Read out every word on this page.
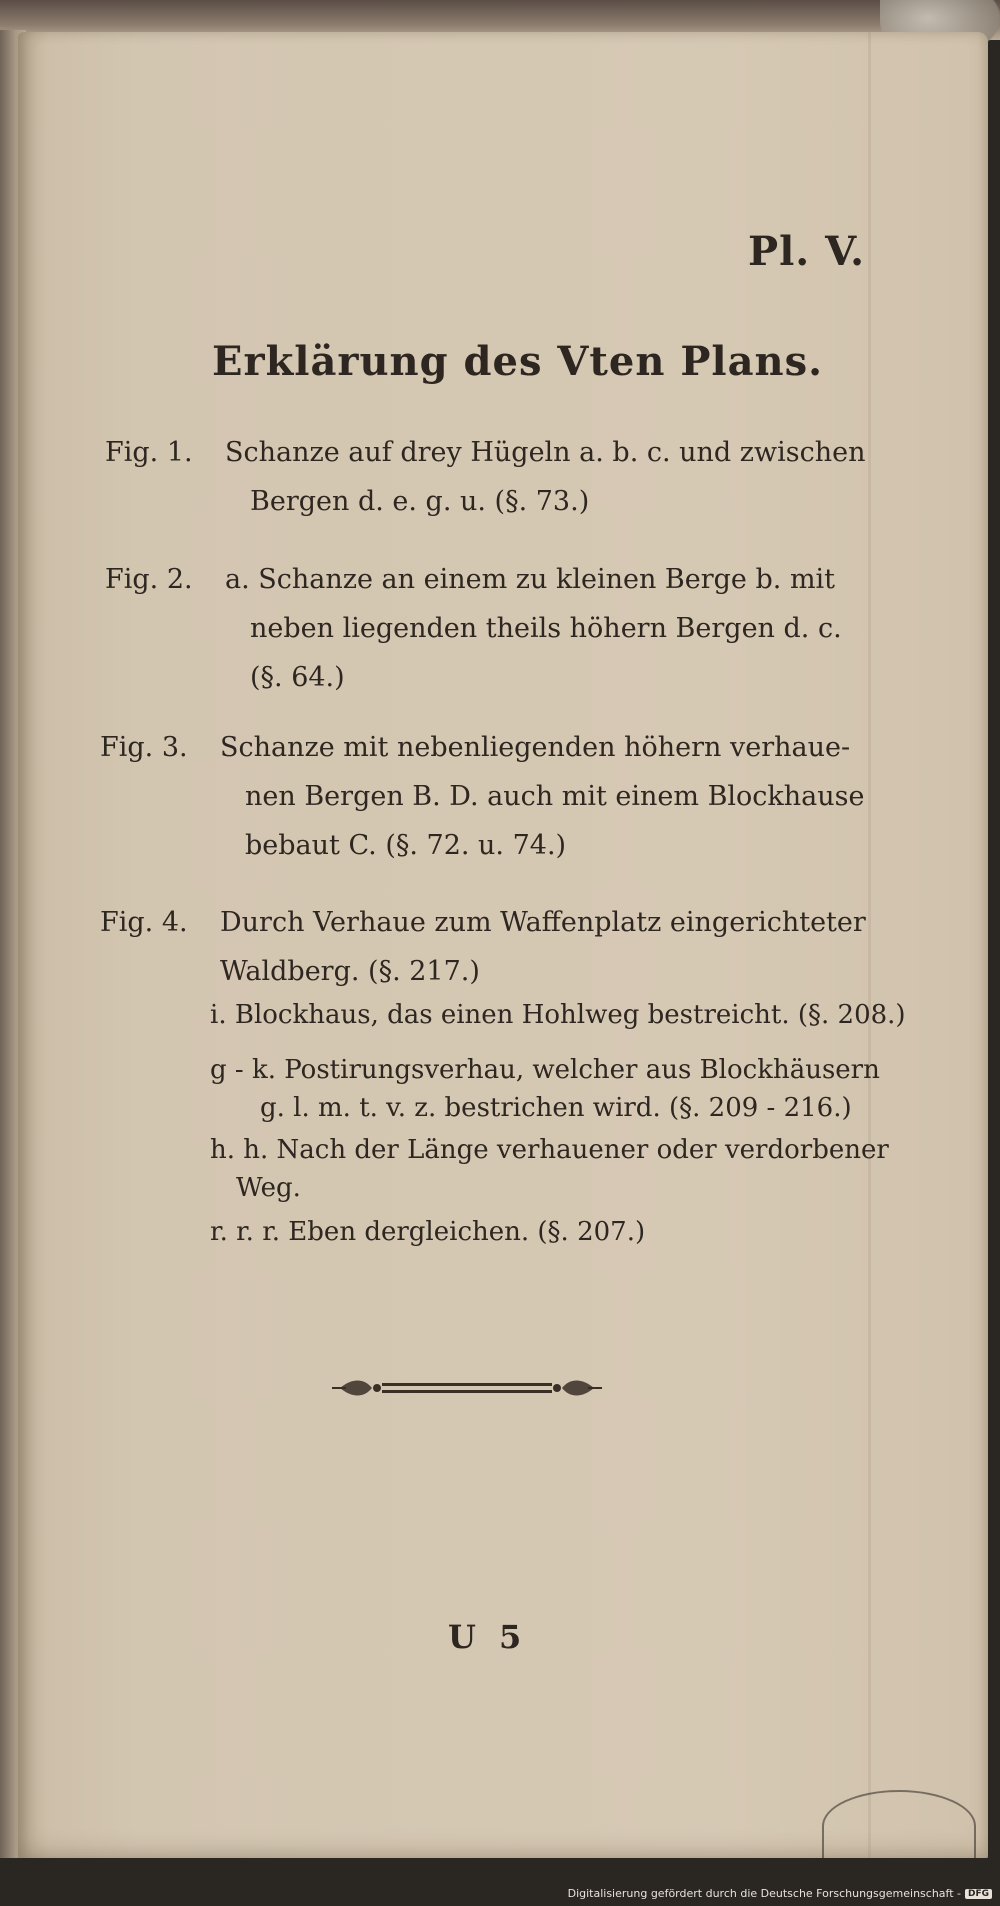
Pl. V.
Erklärung des Vten Plans.
Fig. 1.	Schanze auf drey Hügeln a. b. c. und zwischen
Bergen d. e. g. u. (§. 73.)
Fig. 2.	a. Schanze an einem zu kleinen Berge b. mit
neben liegenden theils höhern Bergen d. c.
(§. 64.)
Fig. 3.	Schanze mit nebenliegenden höhern verhaue-
nen Bergen B. D. auch mit einem Blockhause
bebaut C. (§. 72. u. 74.)
Fig. 4.	Durch Verhaue zum Waffenplatz eingerichteter
Waldberg. (§. 217.)
i. Blockhaus, das einen Hohlweg bestreicht. (§. 208.)
g - k. Postirungsverhau, welcher aus Blockhäusern
g. l. m. t. v. z. bestrichen wird. (§. 209 - 216.)
h. h. Nach der Länge verhauener oder verdorbener
Weg.
r. r. r. Eben dergleichen. (§. 207.)
U 5
Digitalisierung gefördert durch die Deutsche Forschungsgemeinschaft - DFG
